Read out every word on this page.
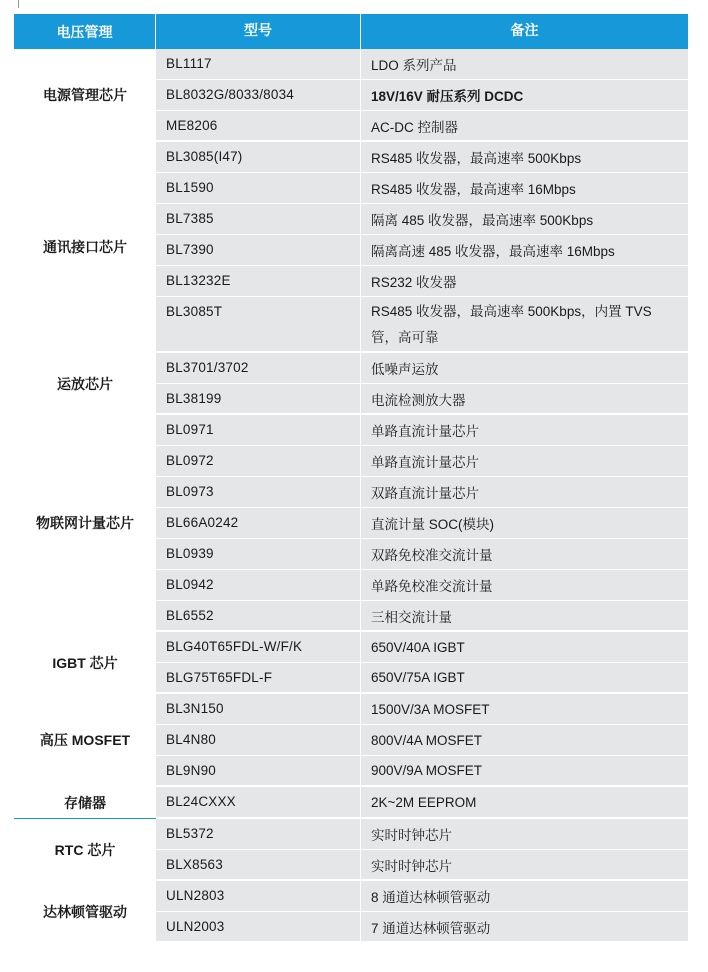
电压管理	型号	备注
电源管理芯片	BL1117	LDO 系列产品
	BL8032G/8033/8034	18V/16V 耐压系列 DCDC
	ME8206	AC-DC 控制器
通讯接口芯片	BL3085(I47)	RS485 收发器，最高速率 500Kbps
	BL1590	RS485 收发器，最高速率 16Mbps
	BL7385	隔离 485 收发器，最高速率 500Kbps
	BL7390	隔离高速 485 收发器，最高速率 16Mbps
	BL13232E	RS232 收发器
	BL3085T	RS485 收发器，最高速率 500Kbps，内置 TVS 管，高可靠
运放芯片	BL3701/3702	低噪声运放
	BL38199	电流检测放大器
物联网计量芯片	BL0971	单路直流计量芯片
	BL0972	单路直流计量芯片
	BL0973	双路直流计量芯片
	BL66A0242	直流计量 SOC(模块)
	BL0939	双路免校准交流计量
	BL0942	单路免校准交流计量
	BL6552	三相交流计量
IGBT 芯片	BLG40T65FDL-W/F/K	650V/40A IGBT
	BLG75T65FDL-F	650V/75A IGBT
高压 MOSFET	BL3N150	1500V/3A MOSFET
	BL4N80	800V/4A MOSFET
	BL9N90	900V/9A MOSFET
存储器	BL24CXXX	2K~2M EEPROM
RTC 芯片	BL5372	实时时钟芯片
	BLX8563	实时时钟芯片
达林顿管驱动	ULN2803	8 通道达林顿管驱动
	ULN2003	7 通道达林顿管驱动
